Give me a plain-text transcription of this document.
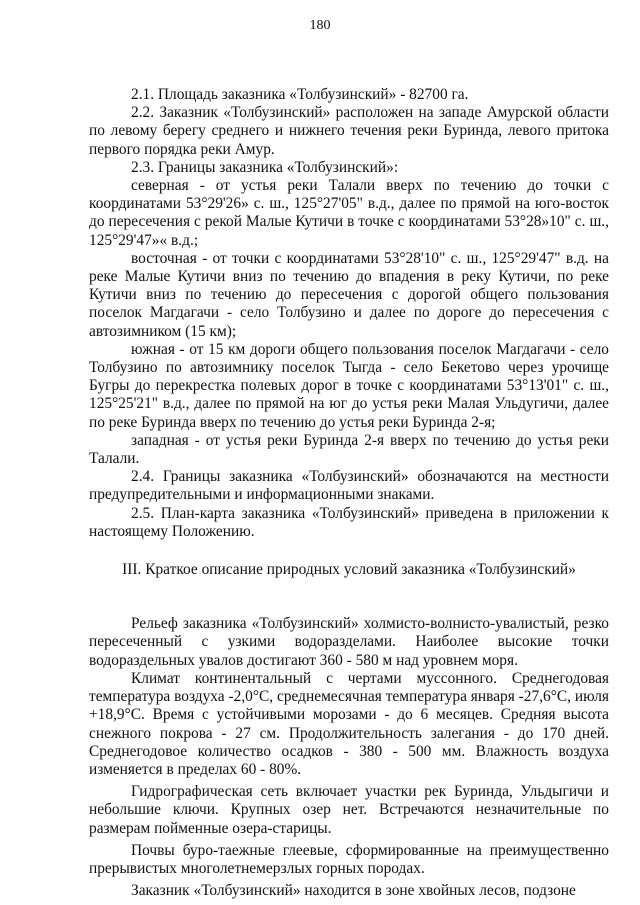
180

2.1. Площадь заказника «Толбузинский» - 82700 га.

2.2. Заказник «Толбузинский» расположен на западе Амурской области по левому берегу среднего и нижнего течения реки Буринда, левого притока первого порядка реки Амур.

2.3. Границы заказника «Толбузинский»:

северная - от устья реки Талали вверх по течению до точки с координатами 53°29'26» с. ш., 125°27'05" в.д., далее по прямой на юго-восток до пересечения с рекой Малые Кутичи в точке с координатами 53°28»10" с. ш., 125°29'47»« в.д.;

восточная - от точки с координатами 53°28'10" с. ш., 125°29'47" в.д. на реке Малые Кутичи вниз по течению до впадения в реку Кутичи, по реке Кутичи вниз по течению до пересечения с дорогой общего пользования поселок Магдагачи - село Толбузино и далее по дороге до пересечения с автозимником (15 км);

южная - от 15 км дороги общего пользования поселок Магдагачи - село Толбузино по автозимнику поселок Тыгда - село Бекетово через урочище Бугры до перекрестка полевых дорог в точке с координатами 53°13'01" с. ш., 125°25'21" в.д., далее по прямой на юг до устья реки Малая Ульдугичи, далее по реке Буринда вверх по течению до устья реки Буринда 2-я;

западная - от устья реки Буринда 2-я вверх по течению до устья реки Талали.

2.4. Границы заказника «Толбузинский» обозначаются на местности предупредительными и информационными знаками.

2.5. План-карта заказника «Толбузинский» приведена в приложении к настоящему Положению.

III. Краткое описание природных условий заказника «Толбузинский»

Рельеф заказника «Толбузинский» холмисто-волнисто-увалистый, резко пересеченный с узкими водоразделами. Наиболее высокие точки водораздельных увалов достигают 360 - 580 м над уровнем моря.

Климат континентальный с чертами муссонного. Среднегодовая температура воздуха -2,0°С, среднемесячная температура января -27,6°С, июля +18,9°С. Время с устойчивыми морозами - до 6 месяцев. Средняя высота снежного покрова - 27 см. Продолжительность залегания - до 170 дней. Среднегодовое количество осадков - 380 - 500 мм. Влажность воздуха изменяется в пределах 60 - 80%.

Гидрографическая сеть включает участки рек Буринда, Ульдыгичи и небольшие ключи. Крупных озер нет. Встречаются незначительные по размерам пойменные озера-старицы.

Почвы буро-таежные глеевые, сформированные на преимущественно прерывистых многолетнемерзлых горных породах.

Заказник «Толбузинский» находится в зоне хвойных лесов, подзоне
